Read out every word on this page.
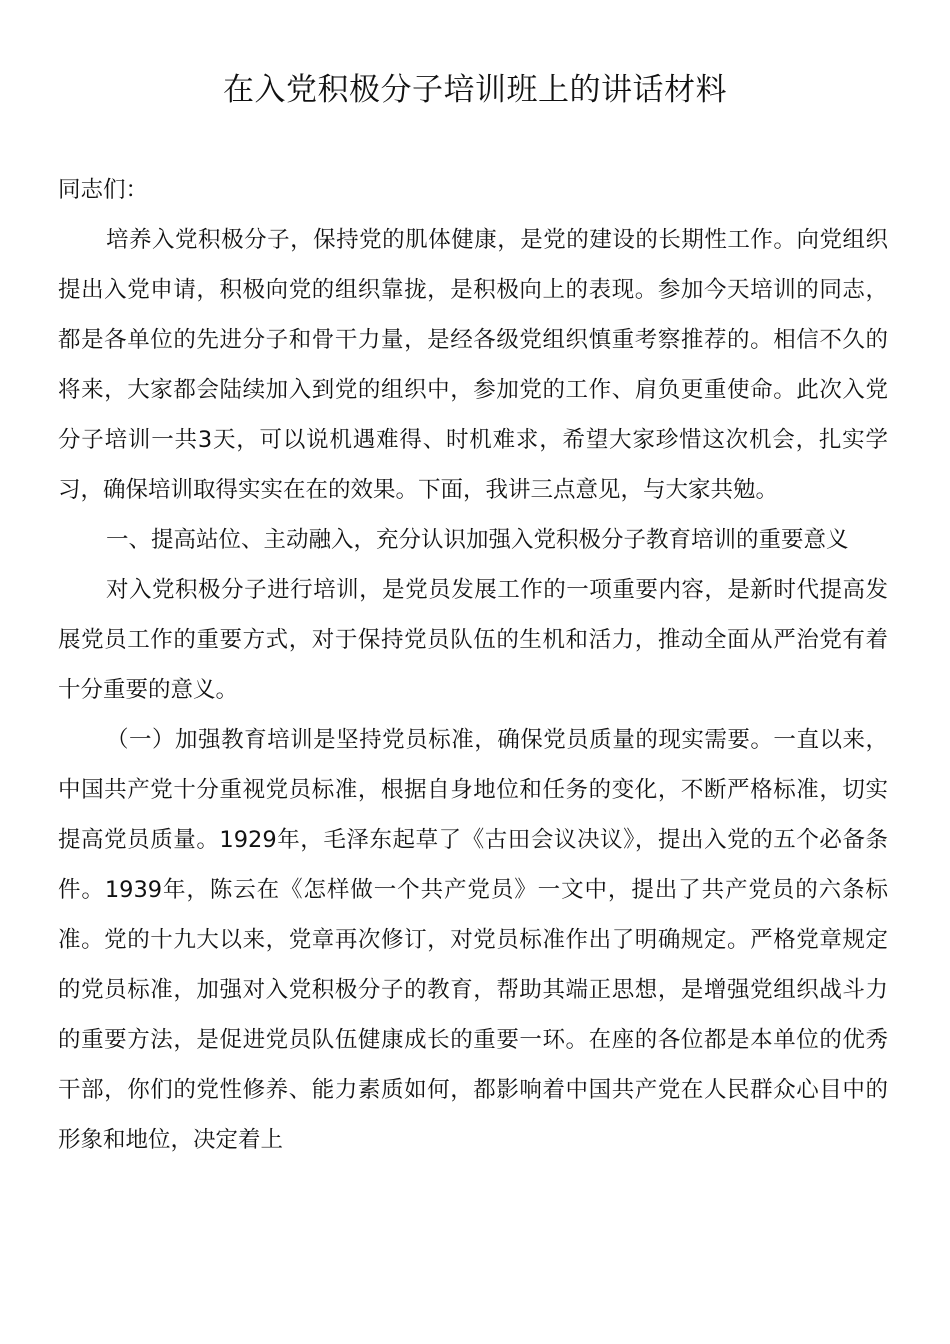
在入党积极分子培训班上的讲话材料

同志们：

培养入党积极分子，保持党的肌体健康，是党的建设的长期性工作。向党组织提出入党申请，积极向党的组织靠拢，是积极向上的表现。参加今天培训的同志，都是各单位的先进分子和骨干力量，是经各级党组织慎重考察推荐的。相信不久的将来，大家都会陆续加入到党的组织中，参加党的工作、肩负更重使命。此次入党分子培训一共3天，可以说机遇难得、时机难求，希望大家珍惜这次机会，扎实学习，确保培训取得实实在在的效果。下面，我讲三点意见，与大家共勉。

一、提高站位、主动融入，充分认识加强入党积极分子教育培训的重要意义

对入党积极分子进行培训，是党员发展工作的一项重要内容，是新时代提高发展党员工作的重要方式，对于保持党员队伍的生机和活力，推动全面从严治党有着十分重要的意义。

（一）加强教育培训是坚持党员标准，确保党员质量的现实需要。一直以来，中国共产党十分重视党员标准，根据自身地位和任务的变化，不断严格标准，切实提高党员质量。1929年，毛泽东起草了《古田会议决议》，提出入党的五个必备条件。1939年，陈云在《怎样做一个共产党员》一文中，提出了共产党员的六条标准。党的十九大以来，党章再次修订，对党员标准作出了明确规定。严格党章规定的党员标准，加强对入党积极分子的教育，帮助其端正思想，是增强党组织战斗力的重要方法，是促进党员队伍健康成长的重要一环。在座的各位都是本单位的优秀干部，你们的党性修养、能力素质如何，都影响着中国共产党在人民群众心目中的形象和地位，决定着上
